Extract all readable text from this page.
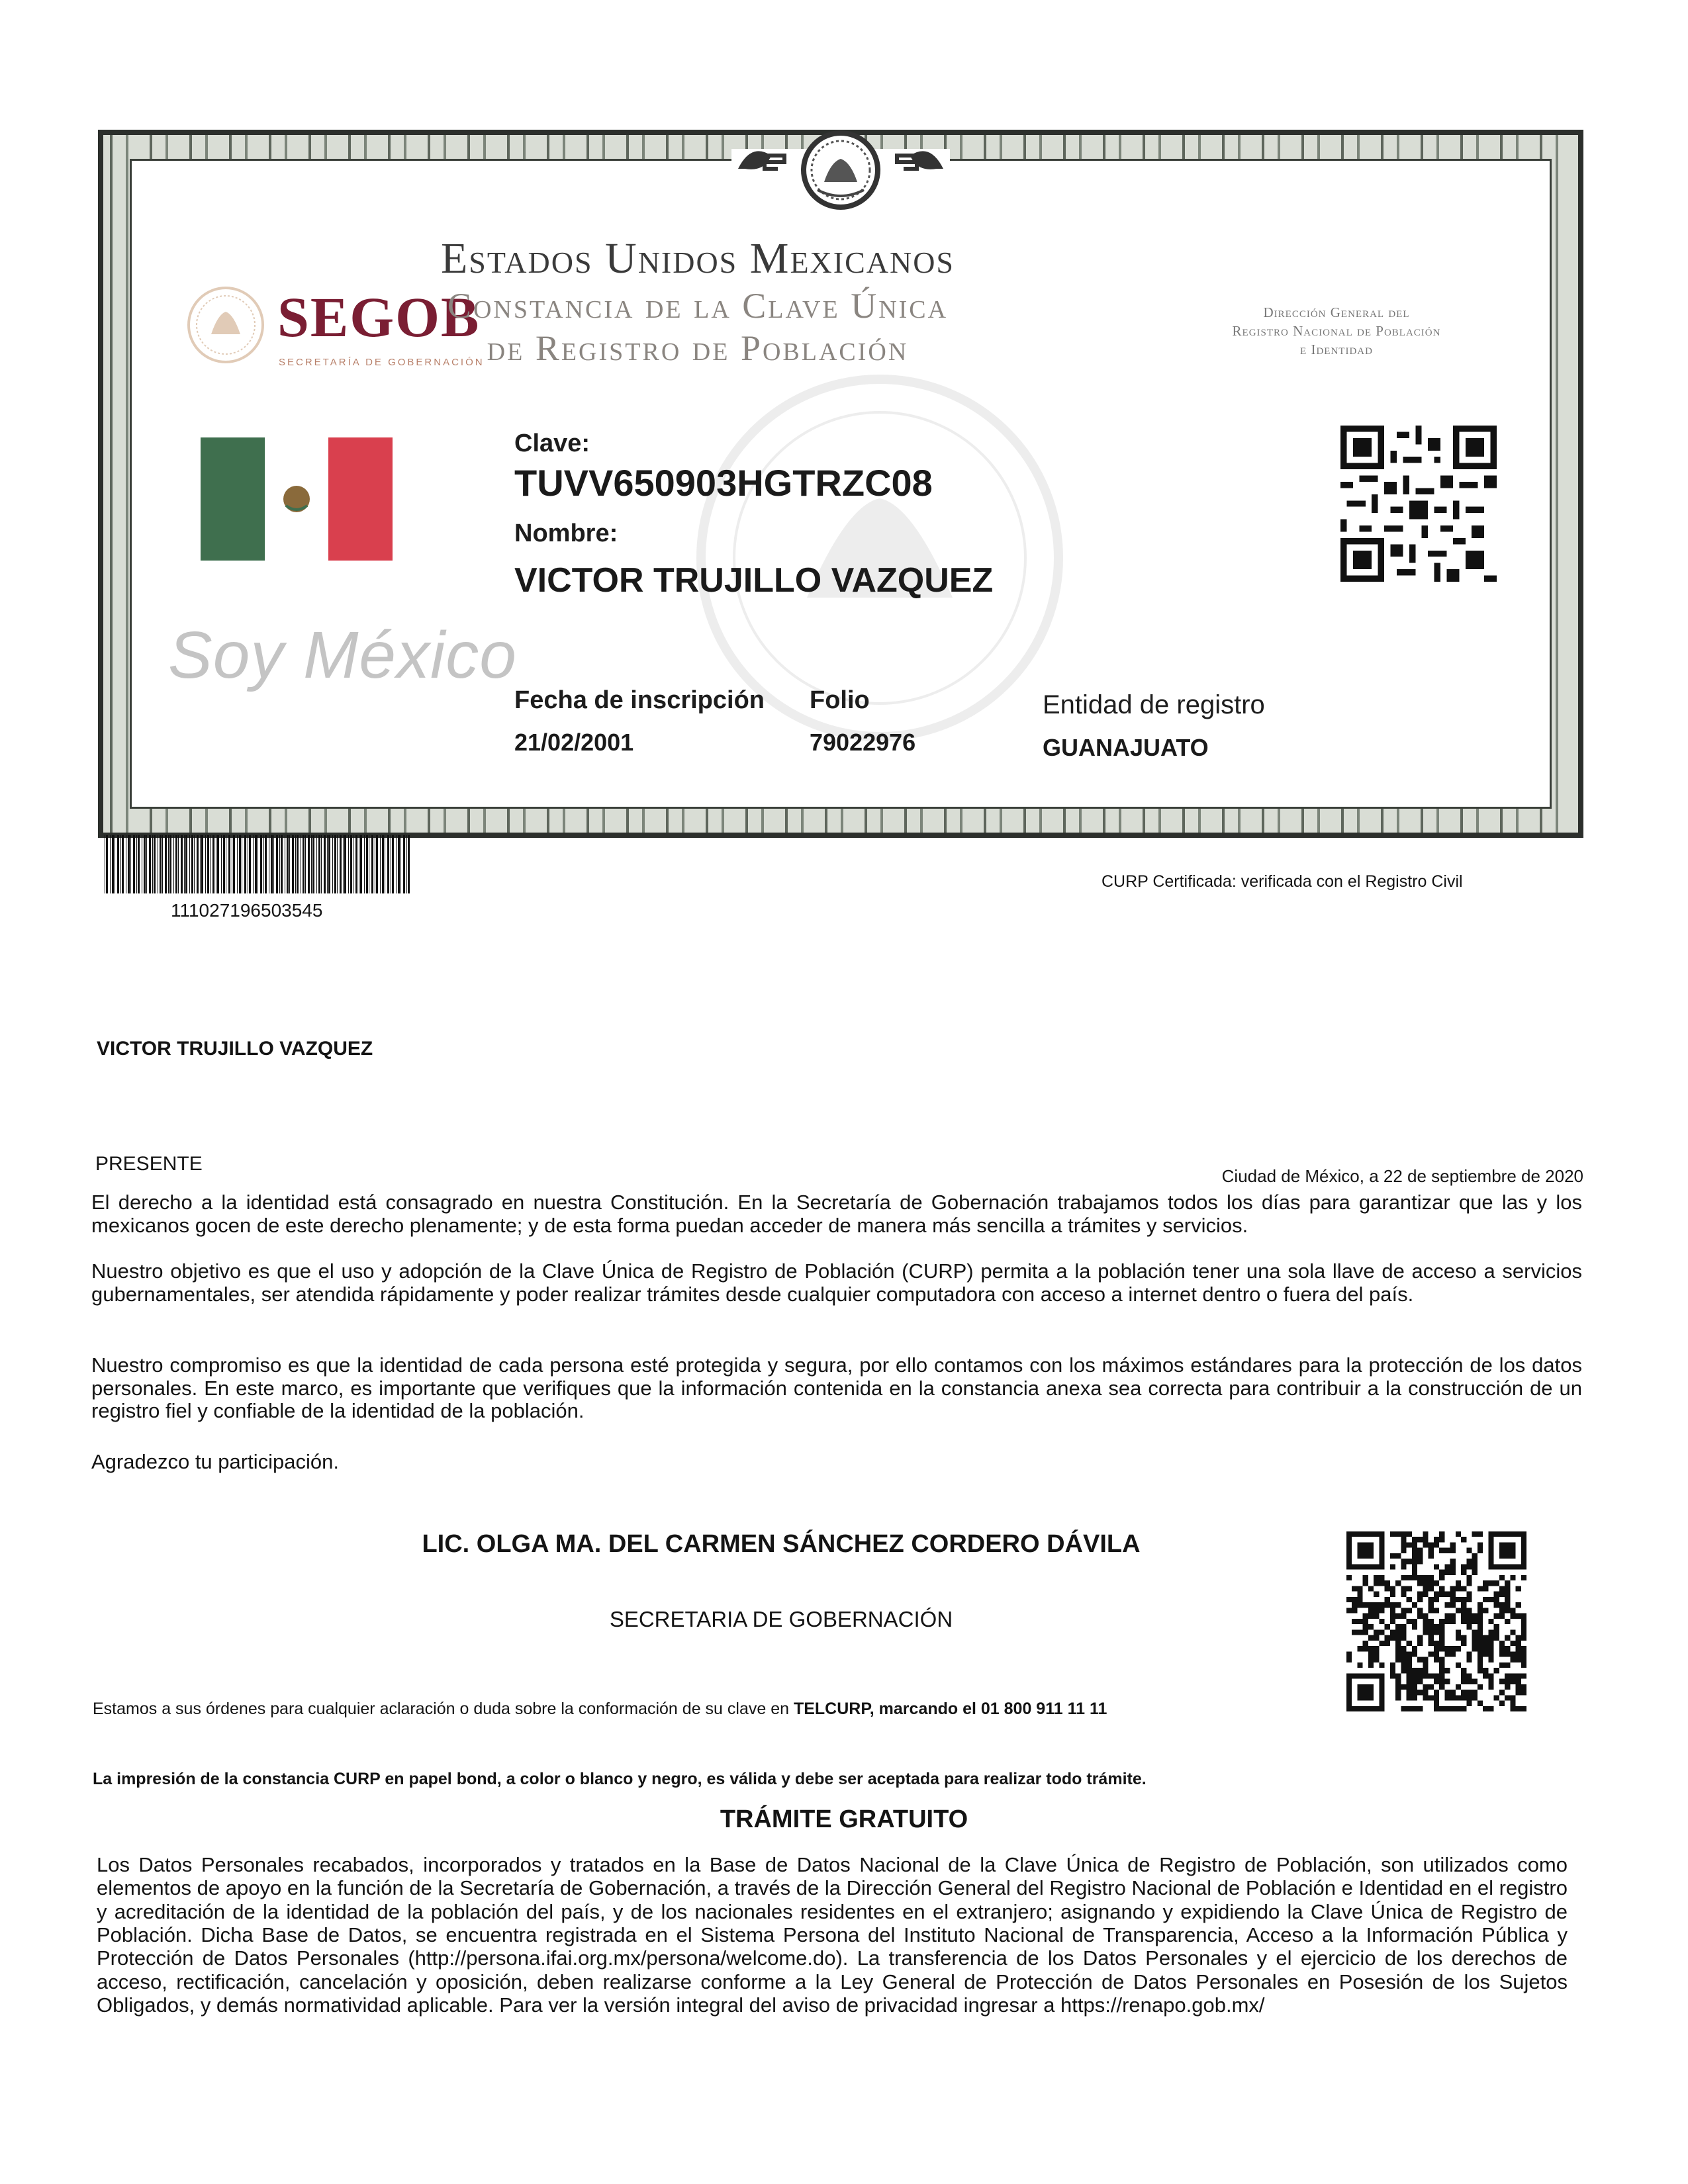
SEGOB
SECRETARÍA DE GOBERNACIÓN
Estados Unidos Mexicanos
Constancia de la Clave Única
de Registro de Población
Dirección General del
Registro Nacional de Población
e Identidad
Soy México
Clave:
TUVV650903HGTRZC08
Nombre:
VICTOR TRUJILLO VAZQUEZ
Fecha de inscripción
21/02/2001
Folio
79022976
Entidad de registro
GUANAJUATO
111027196503545
CURP Certificada: verificada con el Registro Civil
VICTOR TRUJILLO VAZQUEZ
PRESENTE
Ciudad de México, a 22 de septiembre de 2020
El derecho a la identidad está consagrado en nuestra Constitución. En la Secretaría de Gobernación trabajamos todos los días para garantizar que las y los mexicanos gocen de este derecho plenamente; y de esta forma puedan acceder de manera más sencilla a trámites y servicios.
Nuestro objetivo es que el uso y adopción de la Clave Única de Registro de Población (CURP) permita a la población tener una sola llave de acceso a servicios gubernamentales, ser atendida rápidamente y poder realizar trámites desde cualquier computadora con acceso a internet dentro o fuera del país.
Nuestro compromiso es que la identidad de cada persona esté protegida y segura, por ello contamos con los máximos estándares para la protección de los datos personales. En este marco, es importante que verifiques que la información contenida en la constancia anexa sea correcta para contribuir a la construcción de un registro fiel y confiable de la identidad de la población.
Agradezco tu participación.
LIC. OLGA MA. DEL CARMEN SÁNCHEZ CORDERO DÁVILA
SECRETARIA DE GOBERNACIÓN
Estamos a sus órdenes para cualquier aclaración o duda sobre la conformación de su clave en TELCURP, marcando el 01 800 911 11 11
La impresión de la constancia CURP en papel bond, a color o blanco y negro, es válida y debe ser aceptada para realizar todo trámite.
TRÁMITE GRATUITO
Los Datos Personales recabados, incorporados y tratados en la Base de Datos Nacional de la Clave Única de Registro de Población, son utilizados como elementos de apoyo en la función de la Secretaría de Gobernación, a través de la Dirección General del Registro Nacional de Población e Identidad en el registro y acreditación de la identidad de la población del país, y de los nacionales residentes en el extranjero; asignando y expidiendo la Clave Única de Registro de Población. Dicha Base de Datos, se encuentra registrada en el Sistema Persona del Instituto Nacional de Transparencia, Acceso a la Información Pública y Protección de Datos Personales (http://persona.ifai.org.mx/persona/welcome.do). La transferencia de los Datos Personales y el ejercicio de los derechos de acceso, rectificación, cancelación y oposición, deben realizarse conforme a la Ley General de Protección de Datos Personales en Posesión de los Sujetos Obligados, y demás normatividad aplicable. Para ver la versión integral del aviso de privacidad ingresar a https://renapo.gob.mx/
